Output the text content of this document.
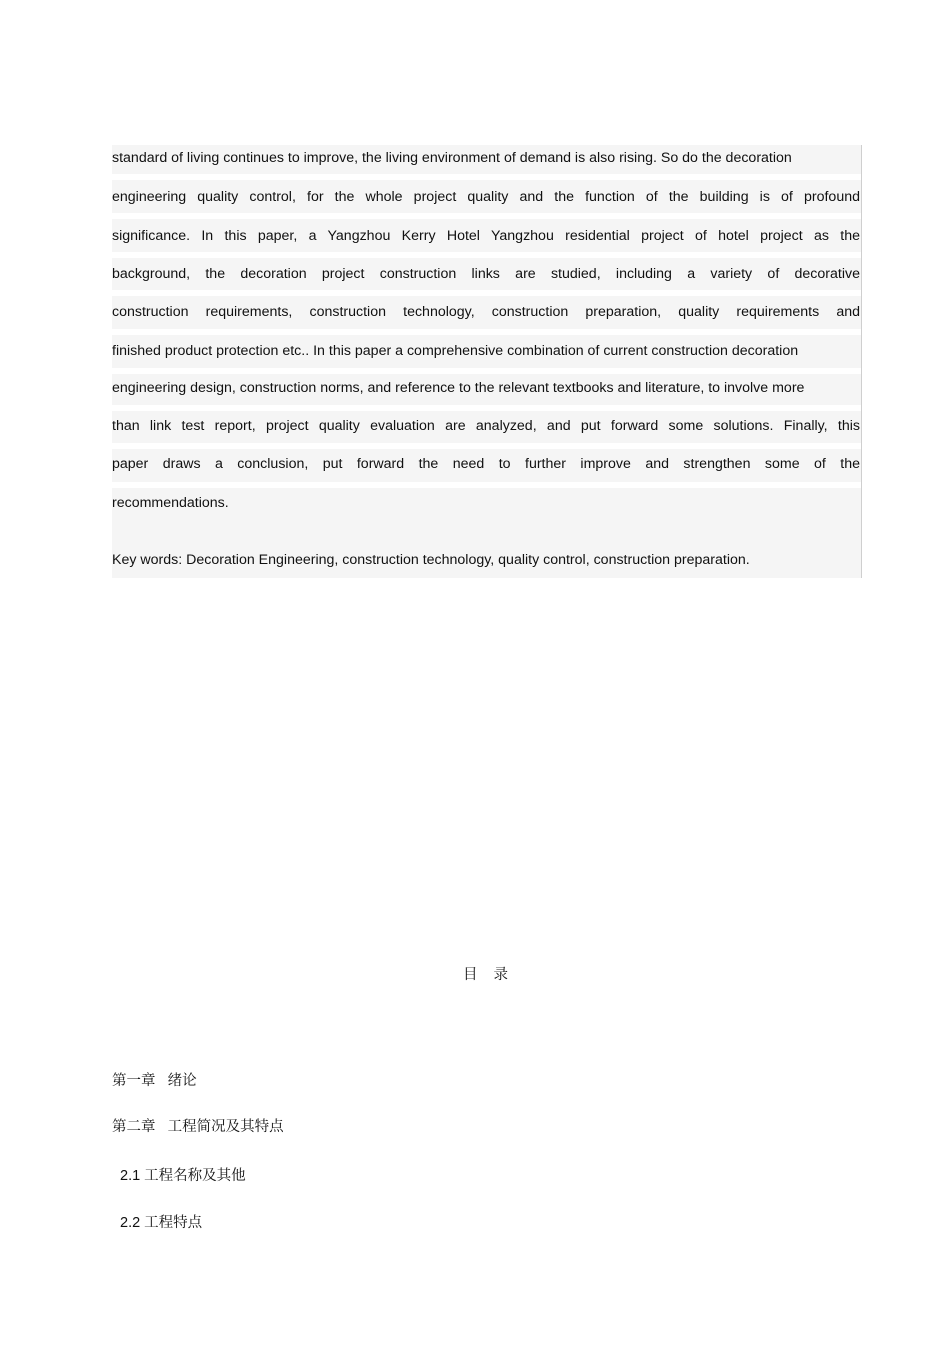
standard of living continues to improve, the living environment of demand is also rising. So do the decoration
engineering quality control, for the whole project quality and the function of the building is of profound
significance. In this paper, a Yangzhou Kerry Hotel Yangzhou residential project of hotel project as the
background, the decoration project construction links are studied, including a variety of decorative
construction requirements, construction technology, construction preparation, quality requirements and
finished product protection etc.. In this paper a comprehensive combination of current construction decoration
engineering design, construction norms, and reference to the relevant textbooks and literature, to involve more
than link test report, project quality evaluation are analyzed, and put forward some solutions. Finally, this
paper draws a conclusion, put forward the need to further improve and strengthen some of the
recommendations.
Key words: Decoration Engineering, construction technology, quality control, construction preparation.
目录
第一章   绪论
第二章   工程简况及其特点
2.1 工程名称及其他
2.2 工程特点
